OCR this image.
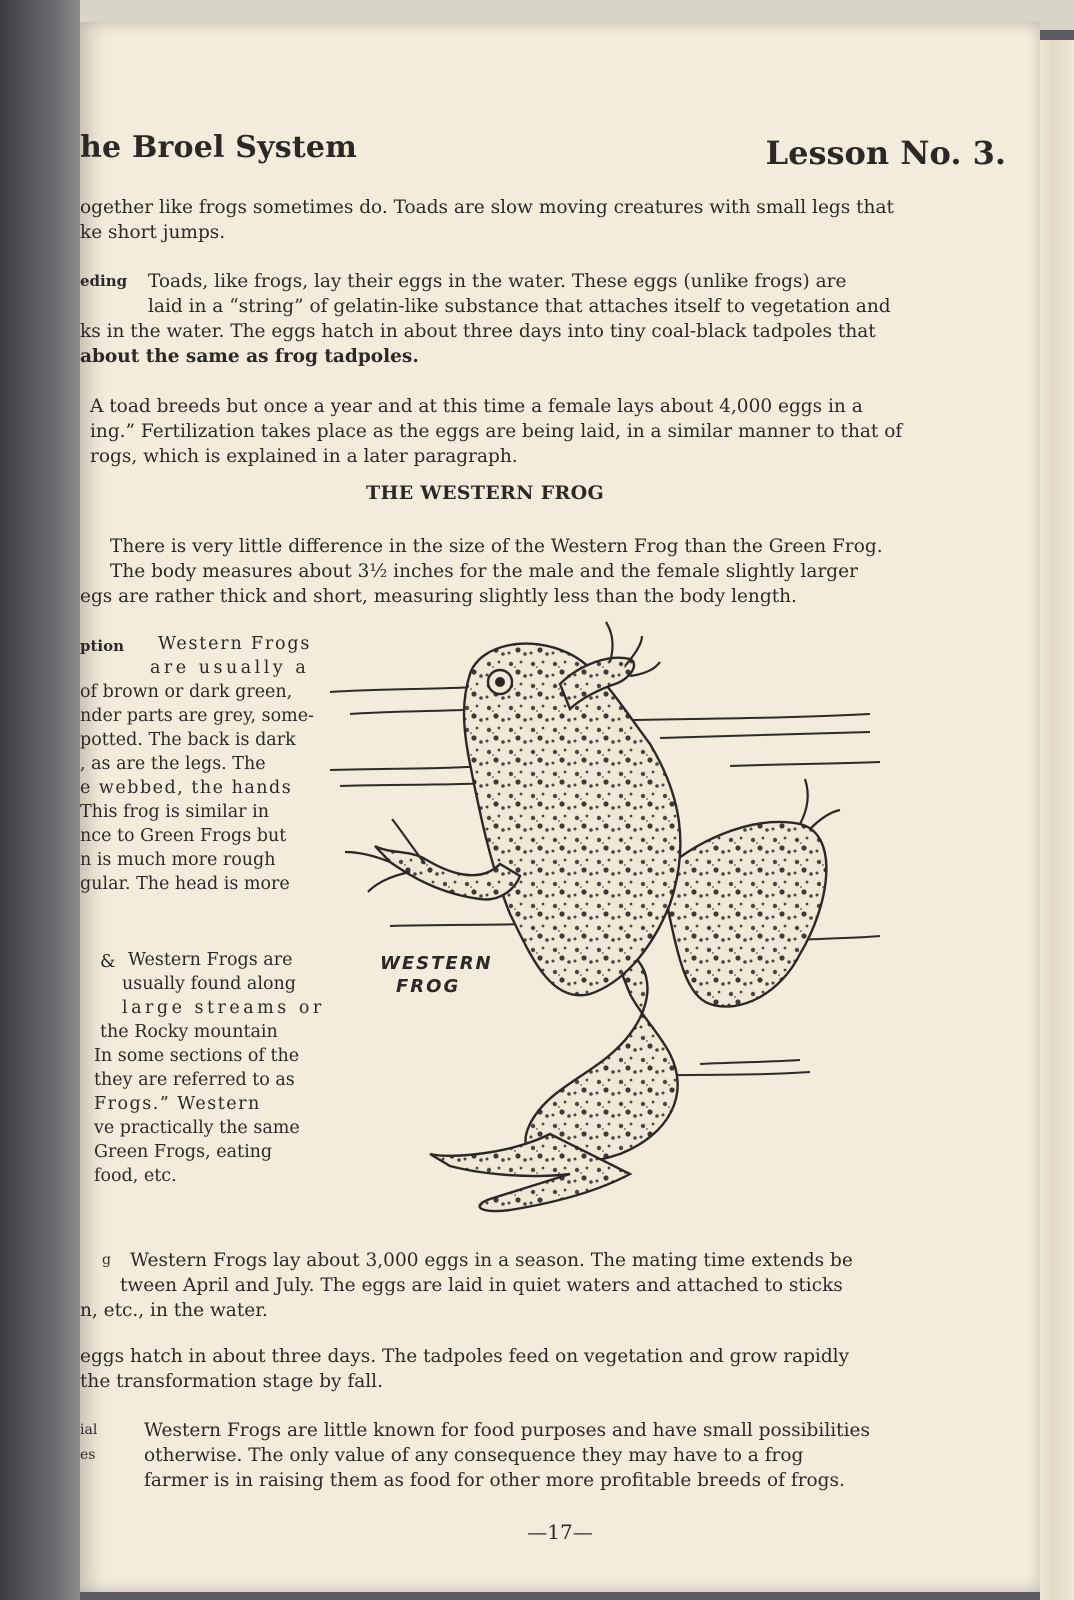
he Broel System	Lesson No. 3.
ogether like frogs sometimes do. Toads are slow moving creatures with small legs that
ke short jumps.
eding Toads, like frogs, lay their eggs in the water. These eggs (unlike frogs) are
laid in a “string” of gelatin-like substance that attaches itself to vegetation and
ks in the water. The eggs hatch in about three days into tiny coal-black tadpoles that
about the same as frog tadpoles.
A toad breeds but once a year and at this time a female lays about 4,000 eggs in a
ing.” Fertilization takes place as the eggs are being laid, in a similar manner to that of
rogs, which is explained in a later paragraph.
THE WESTERN FROG
There is very little difference in the size of the Western Frog than the Green Frog.
The body measures about 3½ inches for the male and the female slightly larger
egs are rather thick and short, measuring slightly less than the body length.
ption	Western Frogs
are usually a
of brown or dark green,
nder parts are grey, some-
potted. The back is dark
, as are the legs. The
e webbed, the hands
This frog is similar in
nce to Green Frogs but
n is much more rough
gular. The head is more
& Western Frogs are
usually found along
large streams or
the Rocky mountain
In some sections of the
they are referred to as
Frogs.” Western
ve practically the same
Green Frogs, eating
food, etc.
WESTERN
FROG
g	Western Frogs lay about 3,000 eggs in a season. The mating time extends be
tween April and July. The eggs are laid in quiet waters and attached to sticks
n, etc., in the water.
eggs hatch in about three days. The tadpoles feed on vegetation and grow rapidly
the transformation stage by fall.
ial
es
Western Frogs are little known for food purposes and have small possibilities
otherwise. The only value of any consequence they may have to a frog
farmer is in raising them as food for other more profitable breeds of frogs.
—17—
